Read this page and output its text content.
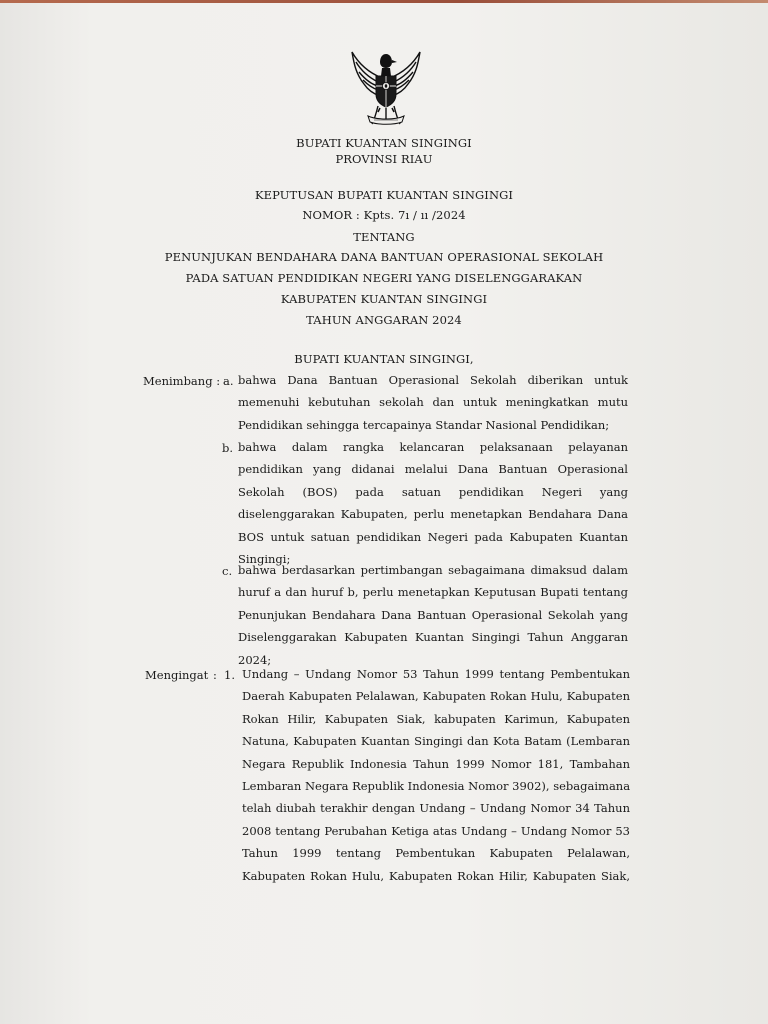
BUPATI KUANTAN SINGINGI
PROVINSI RIAU
KEPUTUSAN BUPATI KUANTAN SINGINGI
NOMOR : Kpts. 7ı / ıı /2024
TENTANG
PENUNJUKAN BENDAHARA DANA BANTUAN OPERASIONAL SEKOLAH
PADA SATUAN PENDIDIKAN NEGERI YANG DISELENGGARAKAN
KABUPATEN KUANTAN SINGINGI
TAHUN ANGGARAN 2024
BUPATI KUANTAN SINGINGI,
Menimbang : a. bahwa Dana Bantuan Operasional Sekolah diberikan untuk
memenuhi kebutuhan sekolah dan untuk meningkatkan mutu
Pendidikan sehingga tercapainya Standar Nasional Pendidikan;
b. bahwa dalam rangka kelancaran pelaksanaan pelayanan
pendidikan yang didanai melalui Dana Bantuan Operasional
Sekolah (BOS) pada satuan pendidikan Negeri yang
diselenggarakan Kabupaten, perlu menetapkan Bendahara Dana
BOS untuk satuan pendidikan Negeri pada Kabupaten Kuantan
Singingi;
c. bahwa berdasarkan pertimbangan sebagaimana dimaksud dalam
huruf a dan huruf b, perlu menetapkan Keputusan Bupati tentang
Penunjukan Bendahara Dana Bantuan Operasional Sekolah yang
Diselenggarakan Kabupaten Kuantan Singingi Tahun Anggaran
2024;
Mengingat : 1. Undang – Undang Nomor 53 Tahun 1999 tentang Pembentukan
Daerah Kabupaten Pelalawan, Kabupaten Rokan Hulu, Kabupaten
Rokan Hilir, Kabupaten Siak, kabupaten Karimun, Kabupaten
Natuna, Kabupaten Kuantan Singingi dan Kota Batam (Lembaran
Negara Republik Indonesia Tahun 1999 Nomor 181, Tambahan
Lembaran Negara Republik Indonesia Nomor 3902), sebagaimana
telah diubah terakhir dengan Undang – Undang Nomor 34 Tahun
2008 tentang Perubahan Ketiga atas Undang – Undang Nomor 53
Tahun 1999 tentang Pembentukan Kabupaten Pelalawan,
Kabupaten Rokan Hulu, Kabupaten Rokan Hilir, Kabupaten Siak,
